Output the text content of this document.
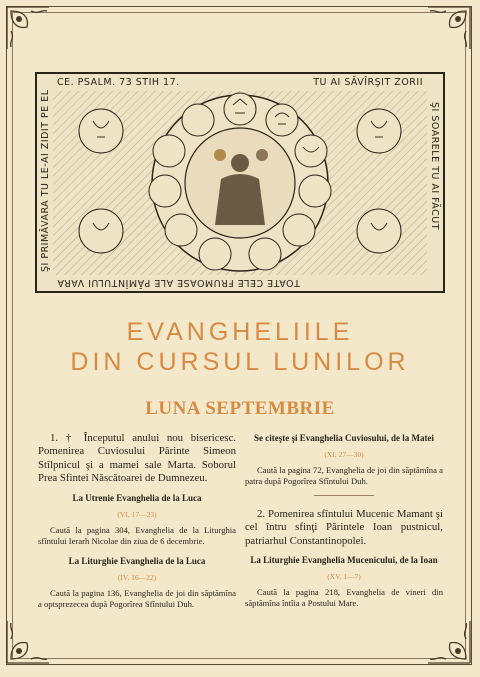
CE. PSALM. 73 STIH 17.	TU AI SĂVÎRŞIT ZORII
ŞI SOARELE TU AI FĂCUT
TOATE CELE FRUMOASE ALE PĂMÎNTULUI VARA
ŞI PRIMĂVARA TU LE-AI ZIDIT PE EL
EVANGHELIILE
DIN CURSUL LUNILOR
LUNA SEPTEMBRIE

1. † Începutul anului nou bisericesc. Pomenirea Cuviosului Părinte Simeon Stîlpnicul şi a mamei sale Marta. Soborul Prea Sfintei Născătoarei de Dumnezeu.

La Utrenie Evanghelia de la Luca
(VI, 17—23)

Caută la pagina 304, Evanghelia de la Liturghia sfîntului Ierarh Nicolae din ziua de 6 decembrie.

La Liturghie Evanghelia de la Luca
(IV, 16—22)

Caută la pagina 136, Evanghelia de joi din săptămîna a optsprezecea după Pogorîrea Sfîntului Duh.

Se citeşte şi Evanghelia Cuviosului, de la Matei
(XI, 27—30)

Caută la pagina 72, Evanghelia de joi din săptămîna a patra după Pogorîrea Sfîntului Duh.

2. Pomenirea sfîntului Mucenic Mamant şi cel întru sfinţi Părintele Ioan pustnicul, patriarhul Constantinopolei.

La Liturghie Evanghelia Mucenicului, de la Ioan
(XV, 1—7)

Caută la pagina 218, Evanghelia de vineri din săptămîna întîia a Postului Mare.
